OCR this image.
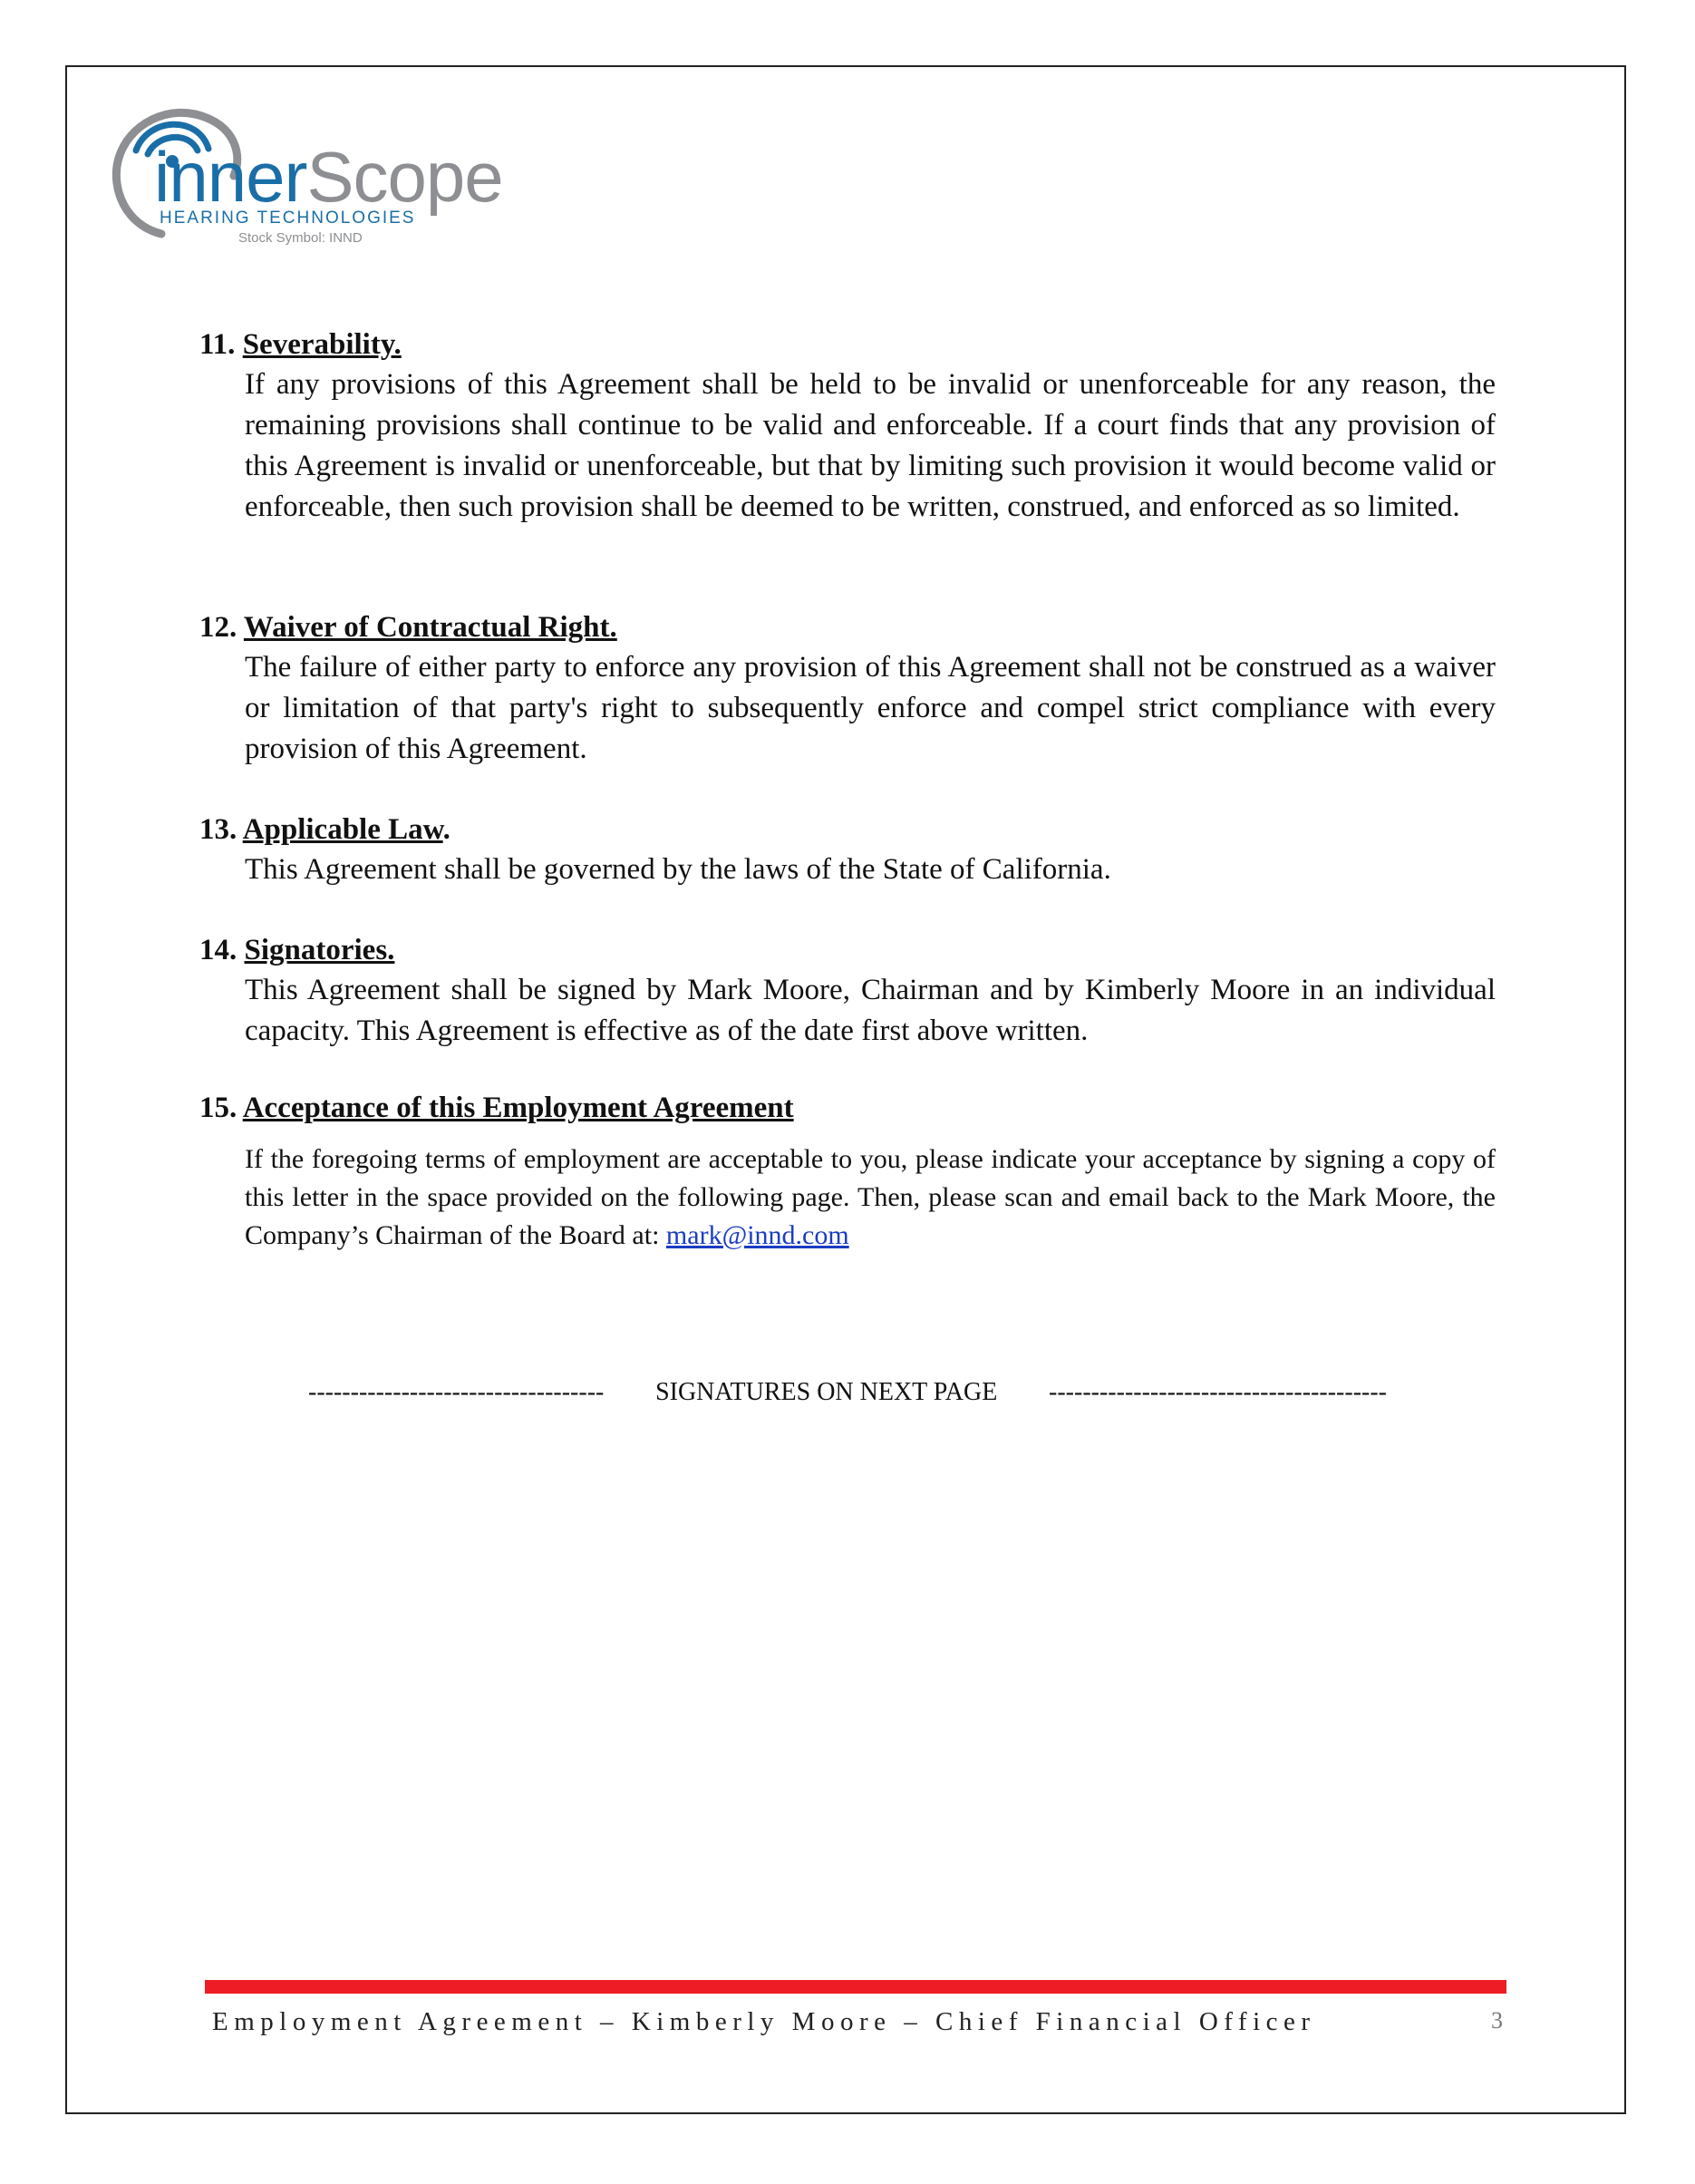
innerScope
HEARING TECHNOLOGIES
Stock Symbol: INND
11. Severability.
If any provisions of this Agreement shall be held to be invalid or unenforceable for any reason, the remaining provisions shall continue to be valid and enforceable. If a court finds that any provision of this Agreement is invalid or unenforceable, but that by limiting such provision it would become valid or enforceable, then such provision shall be deemed to be written, construed, and enforced as so limited.
12. Waiver of Contractual Right.
The failure of either party to enforce any provision of this Agreement shall not be construed as a waiver or limitation of that party's right to subsequently enforce and compel strict compliance with every provision of this Agreement.
13. Applicable Law.
This Agreement shall be governed by the laws of the State of California.
14. Signatories.
This Agreement shall be signed by Mark Moore, Chairman and by Kimberly Moore in an individual capacity. This Agreement is effective as of the date first above written.
15. Acceptance of this Employment Agreement
If the foregoing terms of employment are acceptable to you, please indicate your acceptance by signing a copy of this letter in the space provided on the following page. Then, please scan and email back to the Mark Moore, the Company’s Chairman of the Board at: mark@innd.com
----------------------------------- SIGNATURES ON NEXT PAGE ----------------------------------------
Employment Agreement – Kimberly Moore – Chief Financial Officer	3
